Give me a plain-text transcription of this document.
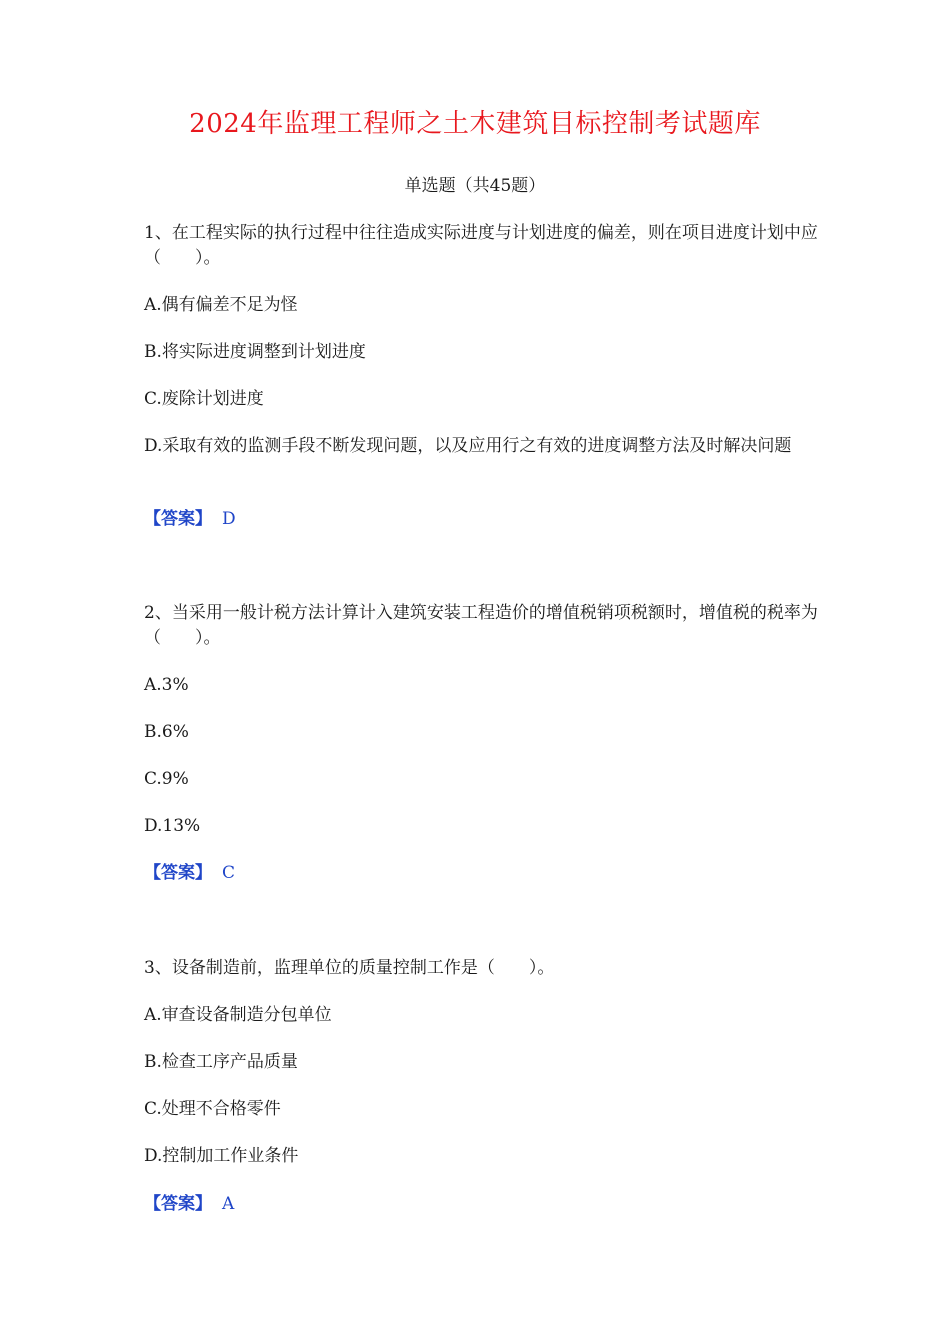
2024年监理工程师之土木建筑目标控制考试题库
单选题（共45题）
1、在工程实际的执行过程中往往造成实际进度与计划进度的偏差，则在项目进度计划中应（　　）。
A.偶有偏差不足为怪
B.将实际进度调整到计划进度
C.废除计划进度
D.采取有效的监测手段不断发现问题，以及应用行之有效的进度调整方法及时解决问题
【答案】 D
2、当采用一般计税方法计算计入建筑安装工程造价的增值税销项税额时，增值税的税率为（　　）。
A.3%
B.6%
C.9%
D.13%
【答案】 C
3、设备制造前，监理单位的质量控制工作是（　　）。
A.审查设备制造分包单位
B.检查工序产品质量
C.处理不合格零件
D.控制加工作业条件
【答案】 A
